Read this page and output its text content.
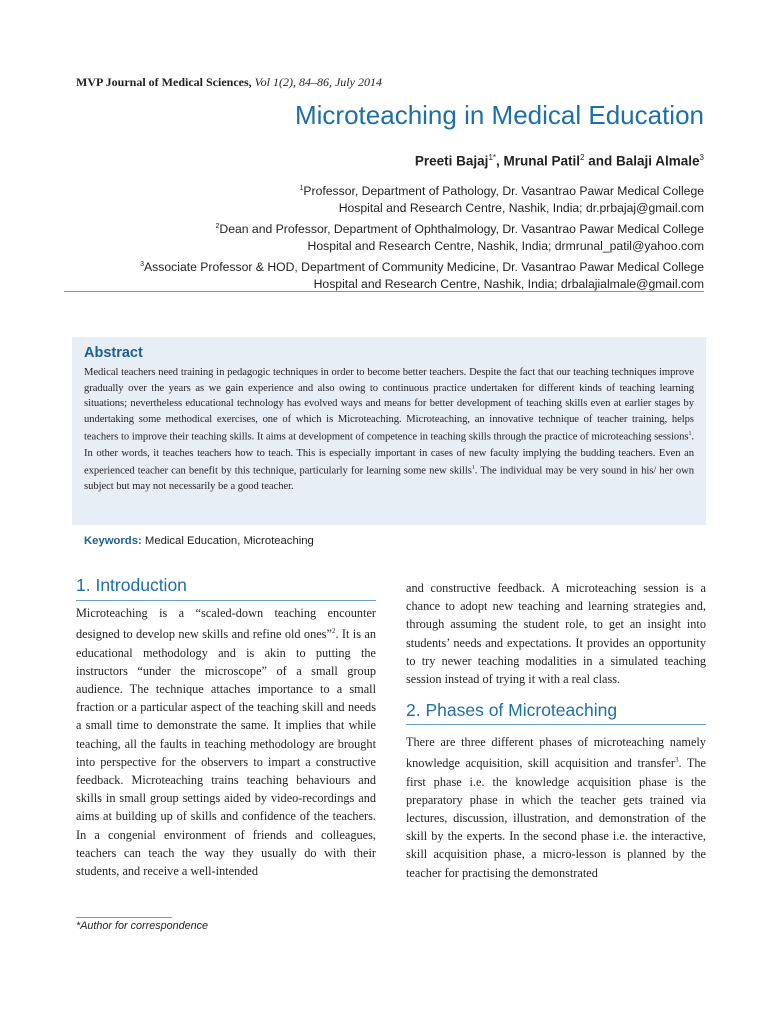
MVP Journal of Medical Sciences, Vol 1(2), 84–86, July 2014
Microteaching in Medical Education
Preeti Bajaj$^{1*}$, Mrunal Patil$^2$ and Balaji Almale$^3$
$^1$Professor, Department of Pathology, Dr. Vasantrao Pawar Medical College
Hospital and Research Centre, Nashik, India; dr.prbajaj@gmail.com
$^2$Dean and Professor, Department of Ophthalmology, Dr. Vasantrao Pawar Medical College
Hospital and Research Centre, Nashik, India; drmrunal_patil@yahoo.com
$^3$Associate Professor & HOD, Department of Community Medicine, Dr. Vasantrao Pawar Medical College
Hospital and Research Centre, Nashik, India; drbalajialmale@gmail.com
Abstract

Medical teachers need training in pedagogic techniques in order to become better teachers. Despite the fact that our teaching techniques improve gradually over the years as we gain experience and also owing to continuous practice undertaken for different kinds of teaching learning situations; nevertheless educational technology has evolved ways and means for better development of teaching skills even at earlier stages by undertaking some methodical exercises, one of which is Microteaching. Microteaching, an innovative technique of teacher training, helps teachers to improve their teaching skills. It aims at development of competence in teaching skills through the practice of microteaching sessions$^1$. In other words, it teaches teachers how to teach. This is especially important in cases of new faculty implying the budding teachers. Even an experienced teacher can benefit by this technique, particularly for learning some new skills$^1$. The individual may be very sound in his/ her own subject but may not necessarily be a good teacher.

Keywords: Medical Education, Microteaching
1. Introduction

Microteaching is a “scaled-down teaching encounter designed to develop new skills and refine old ones”$^2$. It is an educational methodology and is akin to putting the instructors “under the microscope” of a small group audience. The technique attaches importance to a small fraction or a particular aspect of the teaching skill and needs a small time to demonstrate the same. It implies that while teaching, all the faults in teaching methodology are brought into perspective for the observers to impart a constructive feedback. Microteaching trains teaching behaviours and skills in small group settings aided by video-recordings and aims at building up of skills and confidence of the teachers. In a congenial environment of friends and colleagues, teachers can teach the way they usually do with their students, and receive a well-intended

and constructive feedback. A microteaching session is a chance to adopt new teaching and learning strategies and, through assuming the student role, to get an insight into students’ needs and expectations. It provides an opportunity to try newer teaching modalities in a simulated teaching session instead of trying it with a real class.

2. Phases of Microteaching

There are three different phases of microteaching namely knowledge acquisition, skill acquisition and transfer$^3$. The first phase i.e. the knowledge acquisition phase is the preparatory phase in which the teacher gets trained via lectures, discussion, illustration, and demonstration of the skill by the experts. In the second phase i.e. the interactive, skill acquisition phase, a micro-lesson is planned by the teacher for practising the demonstrated

*Author for correspondence
